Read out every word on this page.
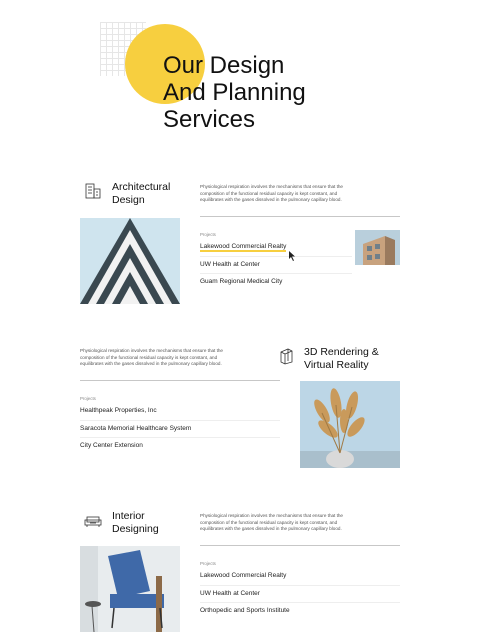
Our Design
And Planning
Services
Architectural
Design
Physiological respiration involves the mechanisms that ensure that the composition of the functional residual capacity is kept constant, and equilibrates with the gases dissolved in the pulmonary capillary blood.
Projects
Lakewood Commercial Realty
UW Health at Center
Guam Regional Medical City
Physiological respiration involves the mechanisms that ensure that the composition of the functional residual capacity is kept constant, and equilibrates with the gases dissolved in the pulmonary capillary blood.
3D Rendering &
Virtual Reality
Projects
Healthpeak Properties, Inc
Saracota Memorial Healthcare System
City Center Extension
Interior
Designing
Physiological respiration involves the mechanisms that ensure that the composition of the functional residual capacity is kept constant, and equilibrates with the gases dissolved in the pulmonary capillary blood.
Projects
Lakewood Commercial Realty
UW Health at Center
Orthopedic and Sports Institute
